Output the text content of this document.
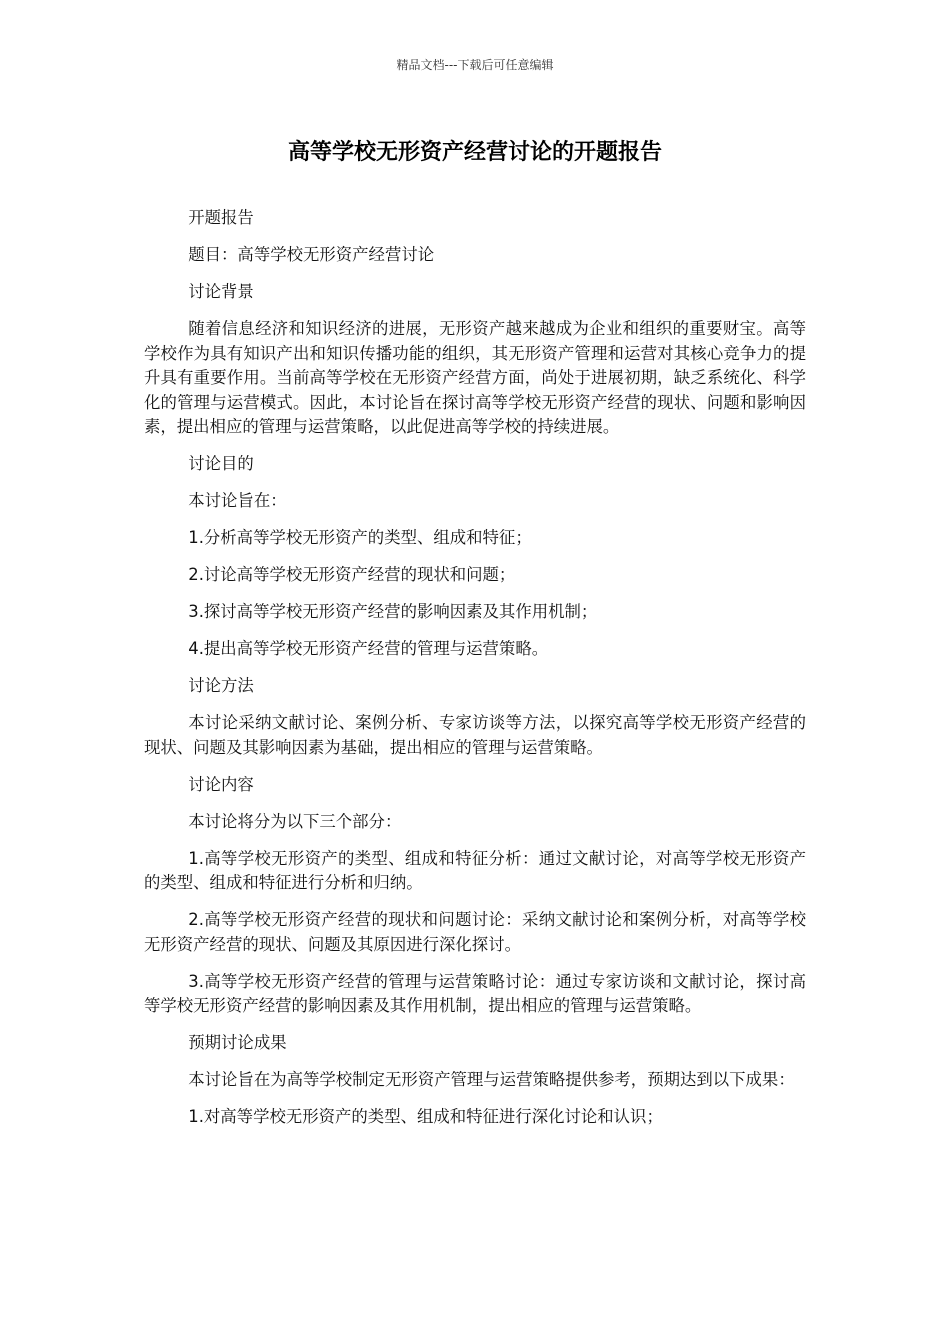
精品文档---下载后可任意编辑
高等学校无形资产经营讨论的开题报告

开题报告

题目：高等学校无形资产经营讨论

讨论背景

随着信息经济和知识经济的进展，无形资产越来越成为企业和组织的重要财宝。高等学校作为具有知识产出和知识传播功能的组织，其无形资产管理和运营对其核心竞争力的提升具有重要作用。当前高等学校在无形资产经营方面，尚处于进展初期，缺乏系统化、科学化的管理与运营模式。因此，本讨论旨在探讨高等学校无形资产经营的现状、问题和影响因素，提出相应的管理与运营策略，以此促进高等学校的持续进展。

讨论目的

本讨论旨在：

1.分析高等学校无形资产的类型、组成和特征；

2.讨论高等学校无形资产经营的现状和问题；

3.探讨高等学校无形资产经营的影响因素及其作用机制；

4.提出高等学校无形资产经营的管理与运营策略。

讨论方法

本讨论采纳文献讨论、案例分析、专家访谈等方法，以探究高等学校无形资产经营的现状、问题及其影响因素为基础，提出相应的管理与运营策略。

讨论内容

本讨论将分为以下三个部分：

1.高等学校无形资产的类型、组成和特征分析：通过文献讨论，对高等学校无形资产的类型、组成和特征进行分析和归纳。

2.高等学校无形资产经营的现状和问题讨论：采纳文献讨论和案例分析，对高等学校无形资产经营的现状、问题及其原因进行深化探讨。

3.高等学校无形资产经营的管理与运营策略讨论：通过专家访谈和文献讨论，探讨高等学校无形资产经营的影响因素及其作用机制，提出相应的管理与运营策略。

预期讨论成果

本讨论旨在为高等学校制定无形资产管理与运营策略提供参考，预期达到以下成果：

1.对高等学校无形资产的类型、组成和特征进行深化讨论和认识；
